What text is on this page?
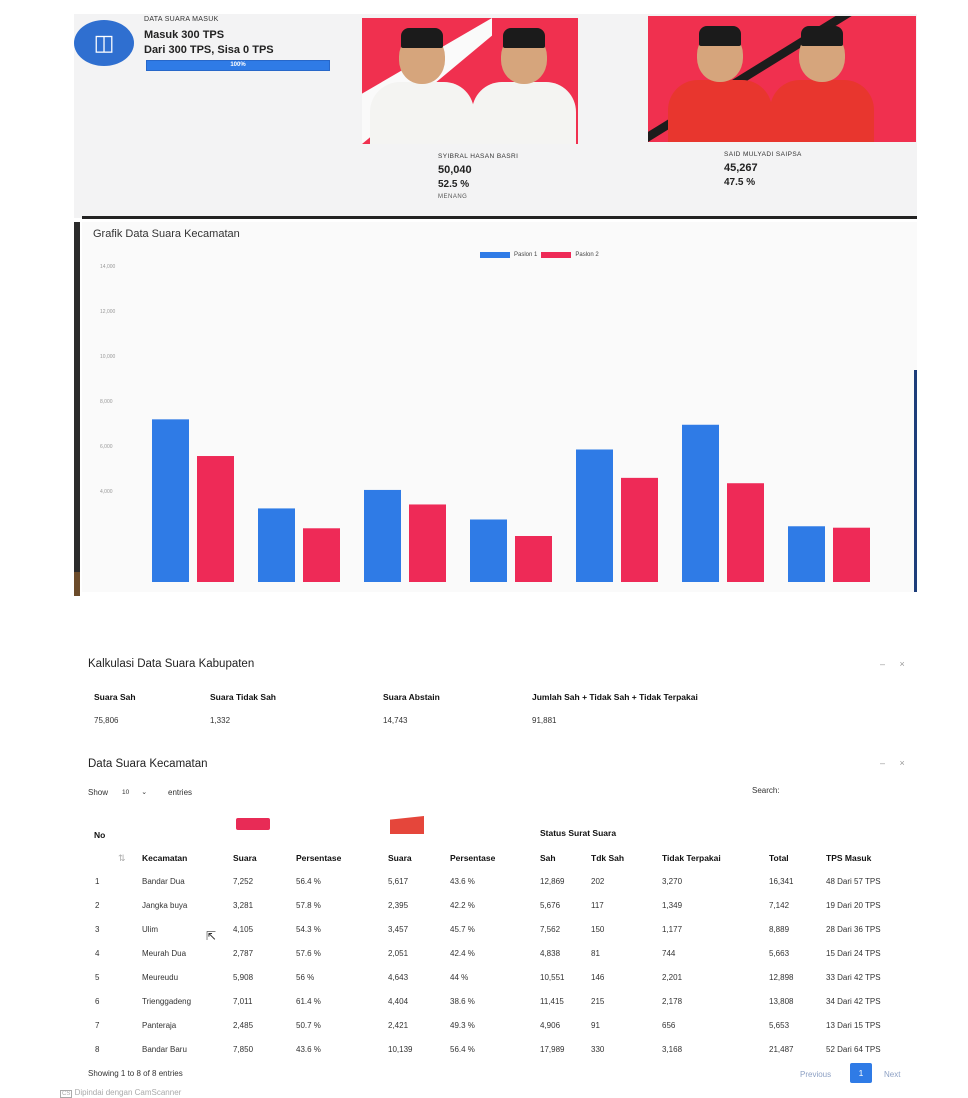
◫
DATA SUARA MASUK
Masuk 300 TPS
Dari 300 TPS, Sisa 0 TPS
100%
SYIBRAL HASAN BASRI
50,040
52.5 %
MENANG
SAID MULYADI SAIPSA
45,267
47.5 %
Grafik Data Suara Kecamatan
Paslon 1	Paslon 2
14,000
12,000
10,000
8,000
6,000
4,000
Kalkulasi Data Suara Kabupaten	– ×
Suara Sah	Suara Tidak Sah	Suara Abstain	Jumlah Sah + Tidak Sah + Tidak Terpakai
75,806	1,332	14,743	91,881
Data Suara Kecamatan	– ×
Show 10 ⌄	entries	Search:
No	Status Surat Suara
⇅ Kecamatan	Suara	Persentase	Suara	Persentase	Sah	Tdk Sah	Tidak Terpakai	Total	TPS Masuk
1	Bandar Dua	7,252	56.4 %	5,617	43.6 %	12,869	202	3,270	16,341	48 Dari 57 TPS
2	Jangka buya	3,281	57.8 %	2,395	42.2 %	5,676	117	1,349	7,142	19 Dari 20 TPS
3	Ulim	4,105	54.3 %	3,457	45.7 %	7,562	150	1,177	8,889	28 Dari 36 TPS
4	Meurah Dua	2,787	57.6 %	2,051	42.4 %	4,838	81	744	5,663	15 Dari 24 TPS
5	Meureudu	5,908	56 %	4,643	44 %	10,551	146	2,201	12,898	33 Dari 42 TPS
6	Trienggadeng	7,011	61.4 %	4,404	38.6 %	11,415	215	2,178	13,808	34 Dari 42 TPS
7	Panteraja	2,485	50.7 %	2,421	49.3 %	4,906	91	656	5,653	13 Dari 15 TPS
8	Bandar Baru	7,850	43.6 %	10,139	56.4 %	17,989	330	3,168	21,487	52 Dari 64 TPS
Showing 1 to 8 of 8 entries	Previous	1	Next
CS Dipindai dengan CamScanner
⇱
